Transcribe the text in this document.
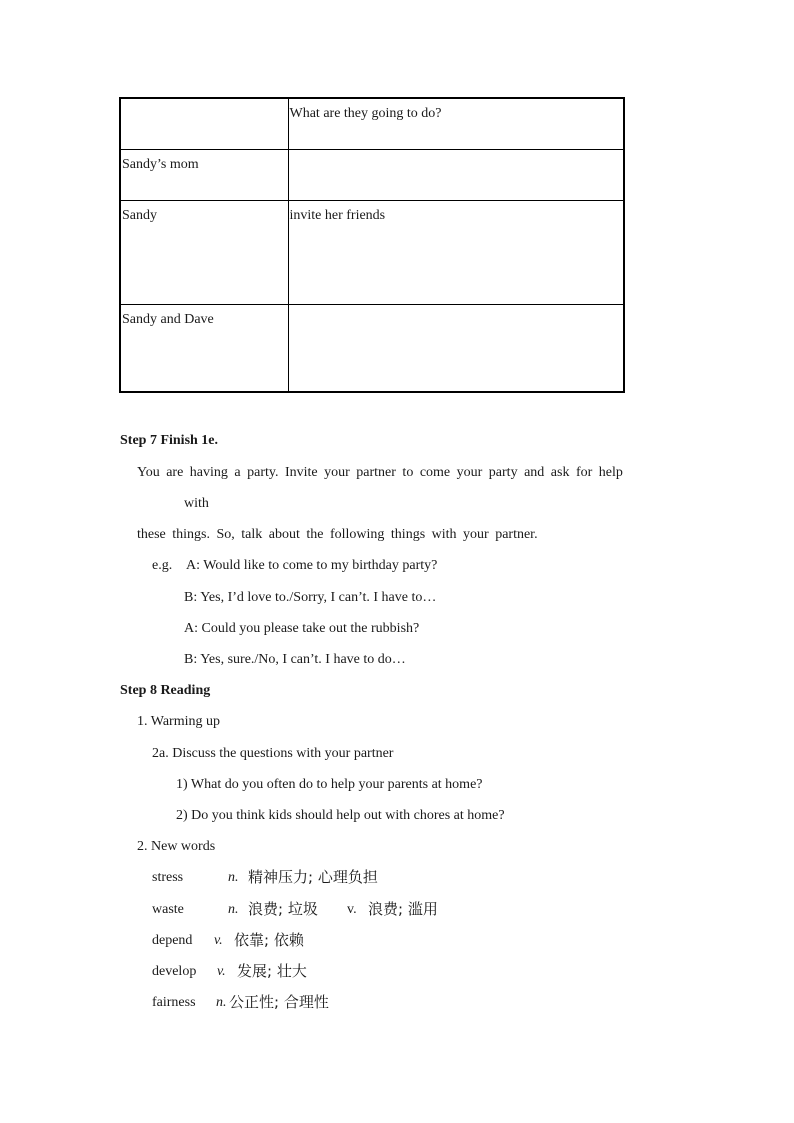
	What are they going to do?
Sandy’s mom	
Sandy	invite her friends
Sandy and Dave	
Step 7 Finish 1e.
You are having a party. Invite your partner to come your party and ask for help
with
these things. So, talk about the following things with your partner.
e.g. A: Would like to come to my birthday party?
B: Yes, I’d love to./Sorry, I can’t. I have to…
A: Could you please take out the rubbish?
B: Yes, sure./No, I can’t. I have to do…
Step 8 Reading
1. Warming up
2a. Discuss the questions with your partner
1) What do you often do to help your parents at home?
2) Do you think kids should help out with chores at home?
2. New words
stress	n. 精神压力; 心理负担
waste	n. 浪费; 垃圾 v. 浪费; 滥用
depend v. 依靠; 依赖
develop v. 发展; 壮大
fairness n. 公正性; 合理性
